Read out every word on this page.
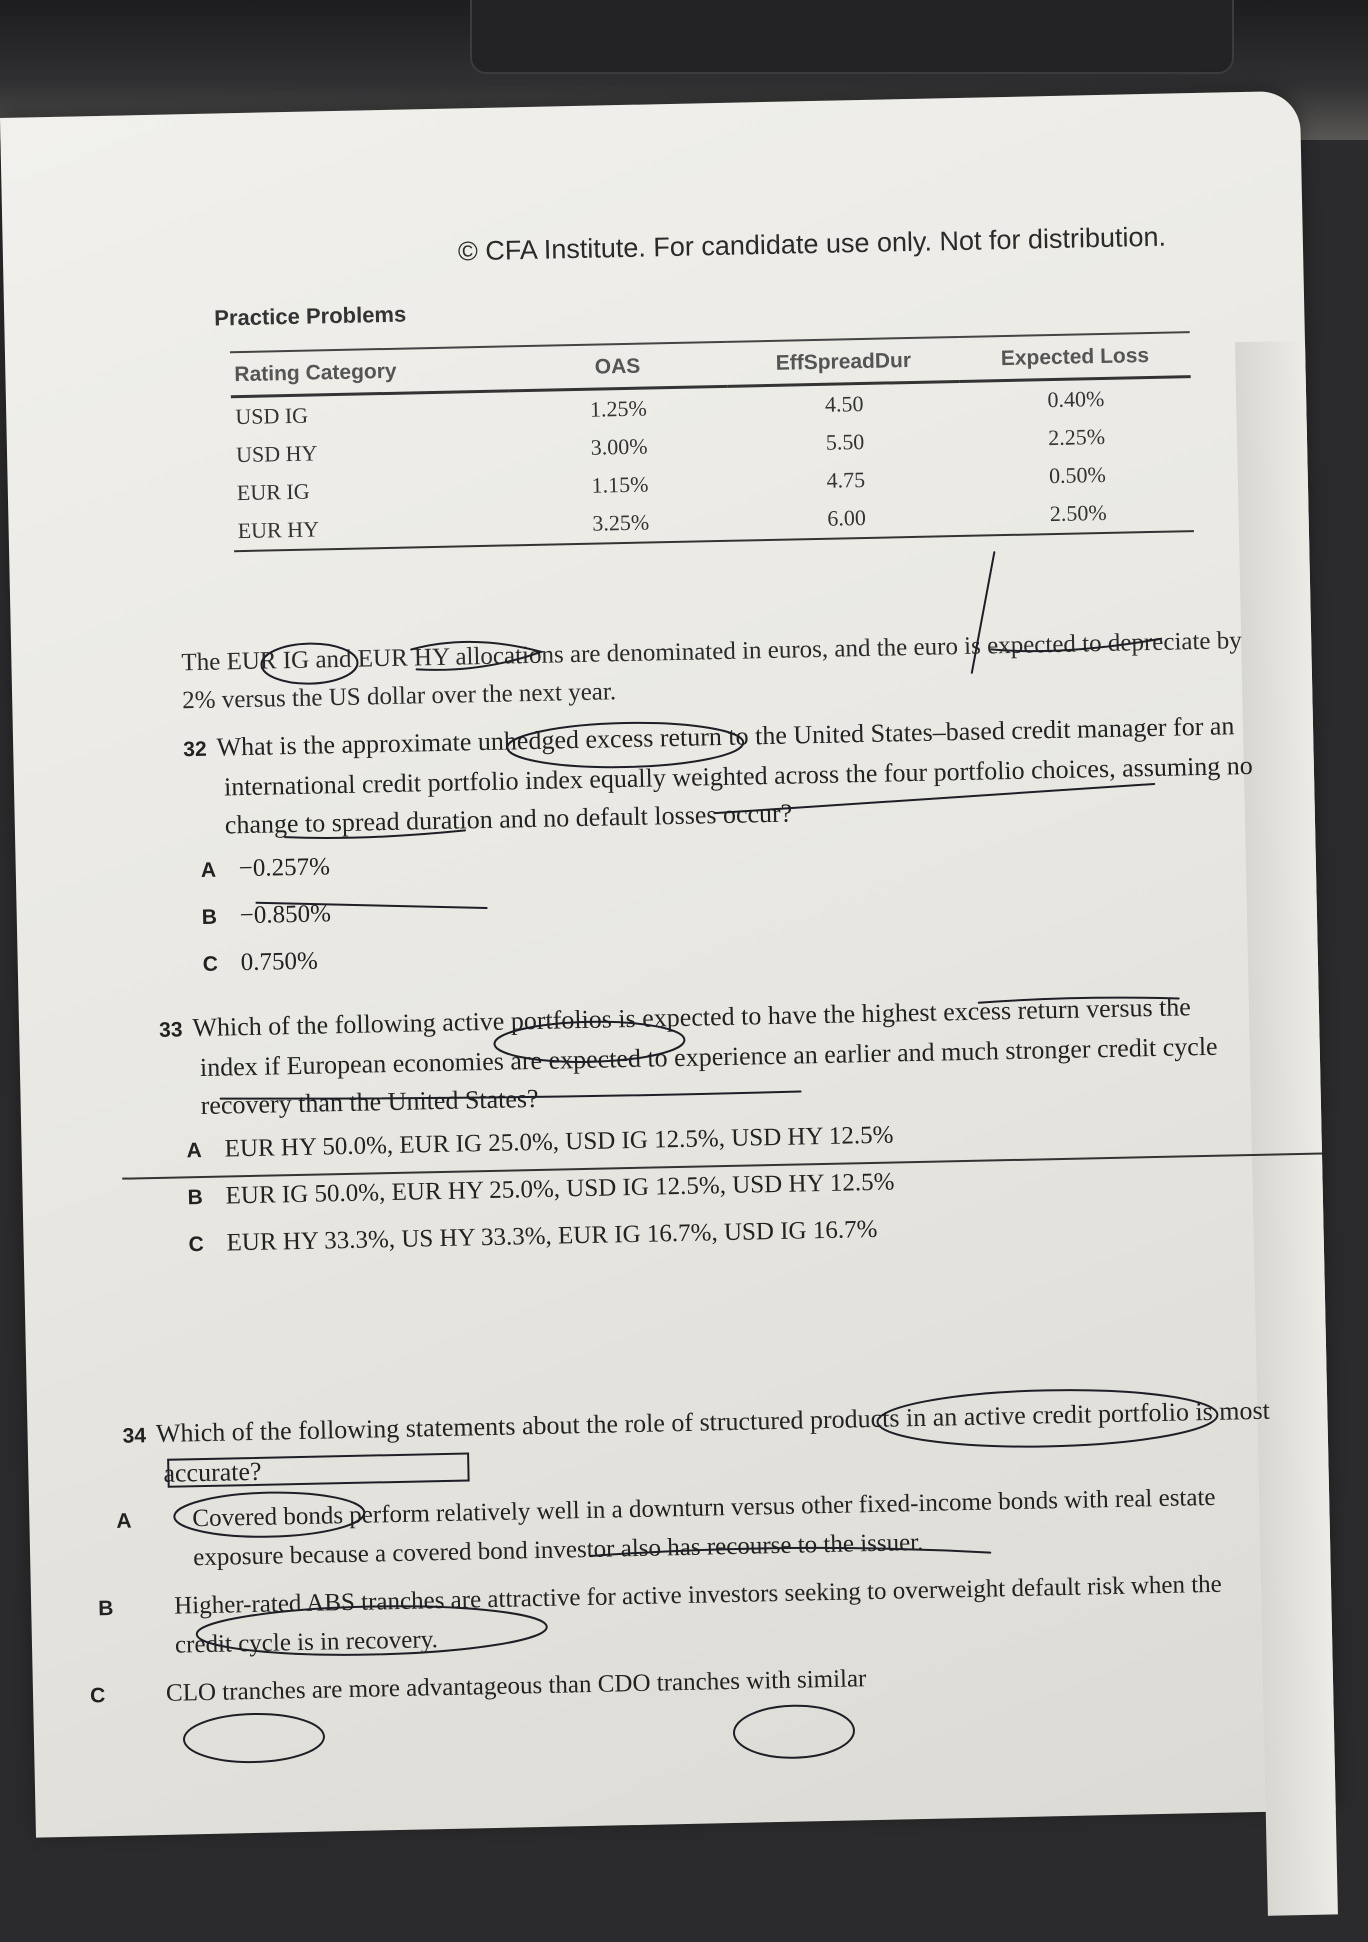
© CFA Institute. For candidate use only. Not for distribution.
Practice Problems
Rating Category	OAS	EffSpreadDur	Expected Loss
USD IG	1.25%	4.50	0.40%
USD HY	3.00%	5.50	2.25%
EUR IG	1.15%	4.75	0.50%
EUR HY	3.25%	6.00	2.50%
The EUR IG and EUR HY allocations are denominated in euros, and the euro is expected to depreciate by 2% versus the US dollar over the next year.
32 What is the approximate unhedged excess return to the United States–based credit manager for an international credit portfolio index equally weighted across the four portfolio choices, assuming no change to spread duration and no default losses occur?
A −0.257%
B −0.850%
C 0.750%
33 Which of the following active portfolios is expected to have the highest excess return versus the index if European economies are expected to experience an earlier and much stronger credit cycle recovery than the United States?
A EUR HY 50.0%, EUR IG 25.0%, USD IG 12.5%, USD HY 12.5%
B EUR IG 50.0%, EUR HY 25.0%, USD IG 12.5%, USD HY 12.5%
C EUR HY 33.3%, US HY 33.3%, EUR IG 16.7%, USD IG 16.7%
34 Which of the following statements about the role of structured products in an active credit portfolio is most accurate?
A Covered bonds perform relatively well in a downturn versus other fixed-income bonds with real estate exposure because a covered bond investor also has recourse to the issuer.
B Higher-rated ABS tranches are attractive for active investors seeking to overweight default risk when the credit cycle is in recovery.
C CLO tranches are more advantageous than CDO tranches with similar
